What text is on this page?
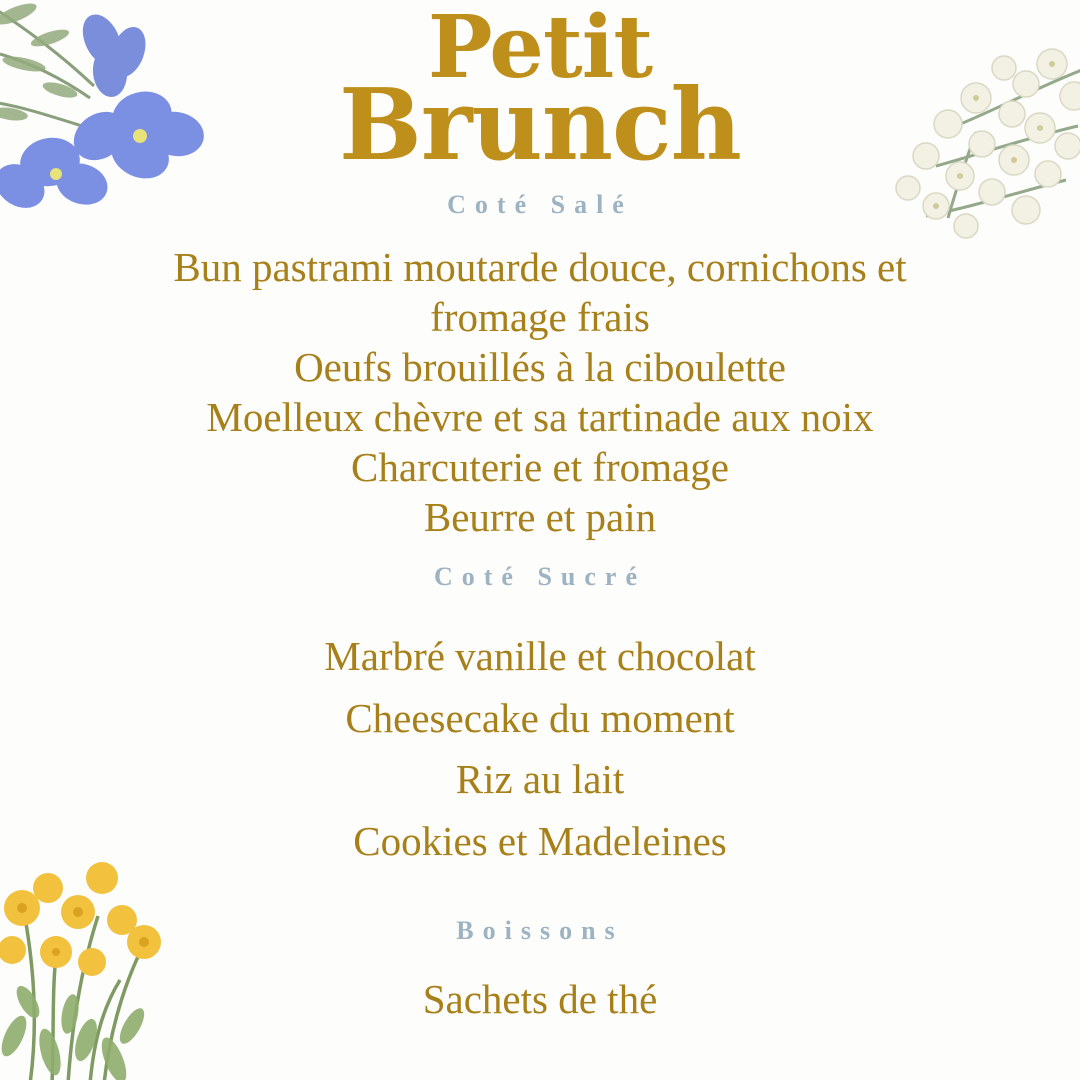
Petit
Brunch
Coté Salé
Bun pastrami moutarde douce, cornichons et fromage frais
Oeufs brouillés à la ciboulette
Moelleux chèvre et sa tartinade aux noix
Charcuterie et fromage
Beurre et pain
Coté Sucré
Marbré vanille et chocolat
Cheesecake du moment
Riz au lait
Cookies et Madeleines
Boissons
Sachets de thé
